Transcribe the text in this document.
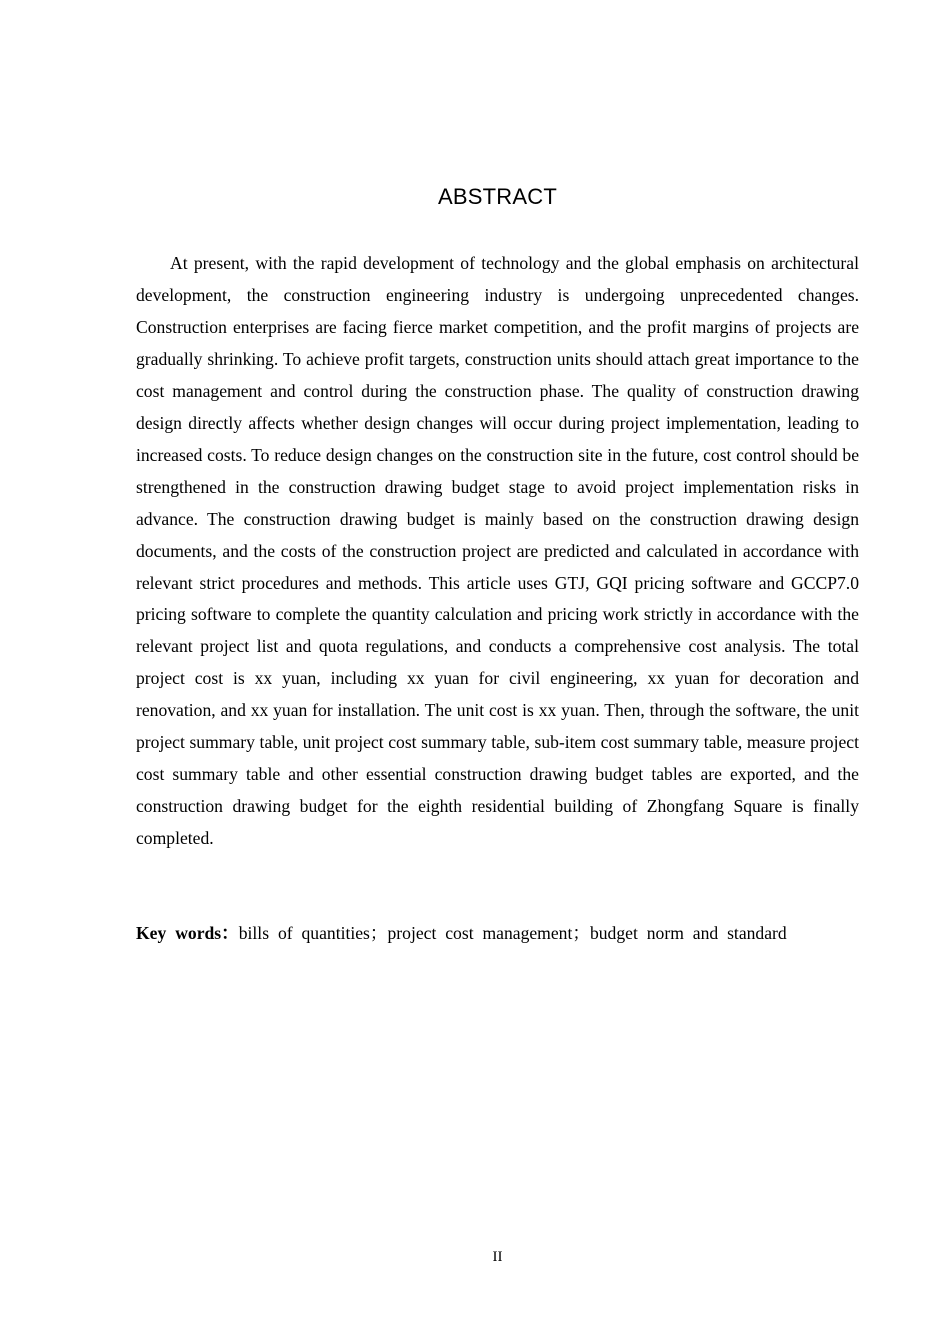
ABSTRACT

At present, with the rapid development of technology and the global emphasis on architectural development, the construction engineering industry is undergoing unprecedented changes. Construction enterprises are facing fierce market competition, and the profit margins of projects are gradually shrinking. To achieve profit targets, construction units should attach great importance to the cost management and control during the construction phase. The quality of construction drawing design directly affects whether design changes will occur during project implementation, leading to increased costs. To reduce design changes on the construction site in the future, cost control should be strengthened in the construction drawing budget stage to avoid project implementation risks in advance. The construction drawing budget is mainly based on the construction drawing design documents, and the costs of the construction project are predicted and calculated in accordance with relevant strict procedures and methods. This article uses GTJ, GQI pricing software and GCCP7.0 pricing software to complete the quantity calculation and pricing work strictly in accordance with the relevant project list and quota regulations, and conducts a comprehensive cost analysis. The total project cost is xx yuan, including xx yuan for civil engineering, xx yuan for decoration and renovation, and xx yuan for installation. The unit cost is xx yuan. Then, through the software, the unit project summary table, unit project cost summary table, sub-item cost summary table, measure project cost summary table and other essential construction drawing budget tables are exported, and the construction drawing budget for the eighth residential building of Zhongfang Square is finally completed.

Key words：bills of quantities；project cost management；budget norm and standard

II
